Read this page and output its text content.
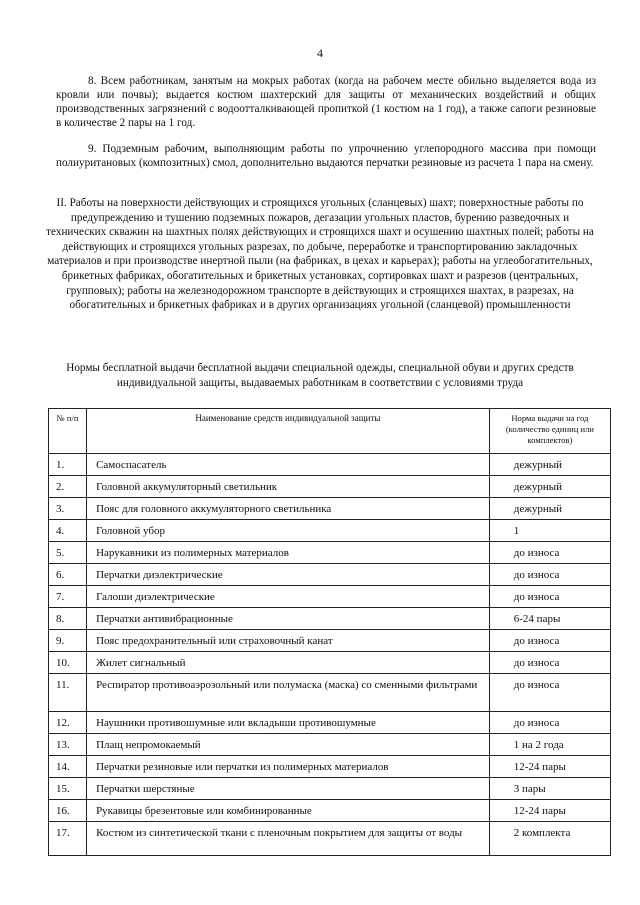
4

8. Всем работникам, занятым на мокрых работах (когда на рабочем месте обильно выделяется вода из кровли или почвы); выдается костюм шахтерский для защиты от механических воздействий и общих производственных загрязнений с водоотталкивающей пропиткой (1 костюм на 1 год), а также сапоги резиновые в количестве 2 пары на 1 год.

9. Подземным рабочим, выполняющим работы по упрочнению углепородного массива при помощи полиуритановых (композитных) смол, дополнительно выдаются перчатки резиновые из расчета 1 пара на смену.

II. Работы на поверхности действующих и строящихся угольных (сланцевых) шахт; поверхностные работы по предупреждению и тушению подземных пожаров, дегазации угольных пластов, бурению разведочных и технических скважин на шахтных полях действующих и строящихся шахт и осушению шахтных полей; работы на действующих и строящихся угольных разрезах, по добыче, переработке и транспортированию закладочных материалов и при производстве инертной пыли (на фабриках, в цехах и карьерах); работы на углеобогатительных, брикетных фабриках, обогатительных и брикетных установках, сортировках шахт и разрезов (центральных, групповых); работы на железнодорожном транспорте в действующих и строящихся шахтах, в разрезах, на обогатительных и брикетных фабриках и в других организациях угольной (сланцевой) промышленности

Нормы бесплатной выдачи бесплатной выдачи специальной одежды, специальной обуви и других средств индивидуальной защиты, выдаваемых работникам в соответствии с условиями труда

№ п/п	Наименование средств индивидуальной защиты	Норма выдачи на год (количество единиц или комплектов)
1.	Самоспасатель	дежурный
2.	Головной аккумуляторный светильник	дежурный
3.	Пояс для головного аккумуляторного светильника	дежурный
4.	Головной убор	1
5.	Нарукавники из полимерных материалов	до износа
6.	Перчатки диэлектрические	до износа
7.	Галоши диэлектрические	до износа
8.	Перчатки антивибрационные	6-24 пары
9.	Пояс предохранительный или страховочный канат	до износа
10.	Жилет сигнальный	до износа
11.	Респиратор противоаэрозольный или полумаска (маска) со сменными фильтрами	до износа
12.	Наушники противошумные или вкладыши противошумные	до износа
13.	Плащ непромокаемый	1 на 2 года
14.	Перчатки резиновые или перчатки из полимерных материалов	12-24 пары
15.	Перчатки шерстяные	3 пары
16.	Рукавицы брезентовые или комбинированные	12-24 пары
17.	Костюм из синтетической ткани с пленочным покрытием для защиты от воды	2 комплекта
